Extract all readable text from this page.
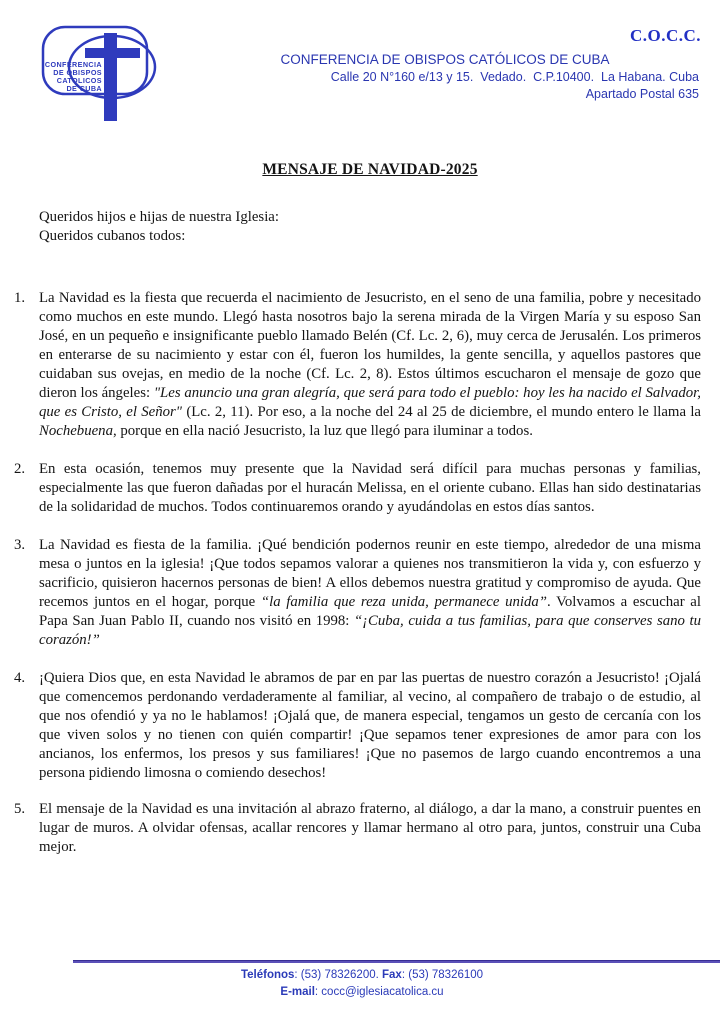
CONFERENCIA
DE OBISPOS
CATOLICOS
DE CUBA
C.O.C.C.
CONFERENCIA DE OBISPOS CATÓLICOS DE CUBA
Calle 20 N°160 e/13 y 15.  Vedado.  C.P.10400.  La Habana. Cuba
Apartado Postal 635
MENSAJE DE NAVIDAD-2025
Queridos hijos e hijas de nuestra Iglesia:
Queridos cubanos todos:
1. La Navidad es la fiesta que recuerda el nacimiento de Jesucristo, en el seno de una familia, pobre y necesitado como muchos en este mundo. Llegó hasta nosotros bajo la serena mirada de la Virgen María y su esposo San José, en un pequeño e insignificante pueblo llamado Belén (Cf. Lc. 2, 6), muy cerca de Jerusalén. Los primeros en enterarse de su nacimiento y estar con él, fueron los humildes, la gente sencilla, y aquellos pastores que cuidaban sus ovejas, en medio de la noche (Cf. Lc. 2, 8). Estos últimos escucharon el mensaje de gozo que dieron los ángeles: "Les anuncio una gran alegría, que será para todo el pueblo: hoy les ha nacido el Salvador, que es Cristo, el Señor" (Lc. 2, 11). Por eso, a la noche del 24 al 25 de diciembre, el mundo entero le llama la Nochebuena, porque en ella nació Jesucristo, la luz que llegó para iluminar a todos.
2. En esta ocasión, tenemos muy presente que la Navidad será difícil para muchas personas y familias, especialmente las que fueron dañadas por el huracán Melissa, en el oriente cubano. Ellas han sido destinatarias de la solidaridad de muchos. Todos continuaremos orando y ayudándolas en estos días santos.
3. La Navidad es fiesta de la familia. ¡Qué bendición podernos reunir en este tiempo, alrededor de una misma mesa o juntos en la iglesia! ¡Que todos sepamos valorar a quienes nos transmitieron la vida y, con esfuerzo y sacrificio, quisieron hacernos personas de bien! A ellos debemos nuestra gratitud y compromiso de ayuda. Que recemos juntos en el hogar, porque “la familia que reza unida, permanece unida”. Volvamos a escuchar al Papa San Juan Pablo II, cuando nos visitó en 1998: “¡Cuba, cuida a tus familias, para que conserves sano tu corazón!”
4. ¡Quiera Dios que, en esta Navidad le abramos de par en par las puertas de nuestro corazón a Jesucristo! ¡Ojalá que comencemos perdonando verdaderamente al familiar, al vecino, al compañero de trabajo o de estudio, al que nos ofendió y ya no le hablamos! ¡Ojalá que, de manera especial, tengamos un gesto de cercanía con los que viven solos y no tienen con quién compartir! ¡Que sepamos tener expresiones de amor para con los ancianos, los enfermos, los presos y sus familiares! ¡Que no pasemos de largo cuando encontremos a una persona pidiendo limosna o comiendo desechos!
5. El mensaje de la Navidad es una invitación al abrazo fraterno, al diálogo, a dar la mano, a construir puentes en lugar de muros. A olvidar ofensas, acallar rencores y llamar hermano al otro para, juntos, construir una Cuba mejor.
Teléfonos: (53) 78326200. Fax: (53) 78326100
E-mail: cocc@iglesiacatolica.cu
